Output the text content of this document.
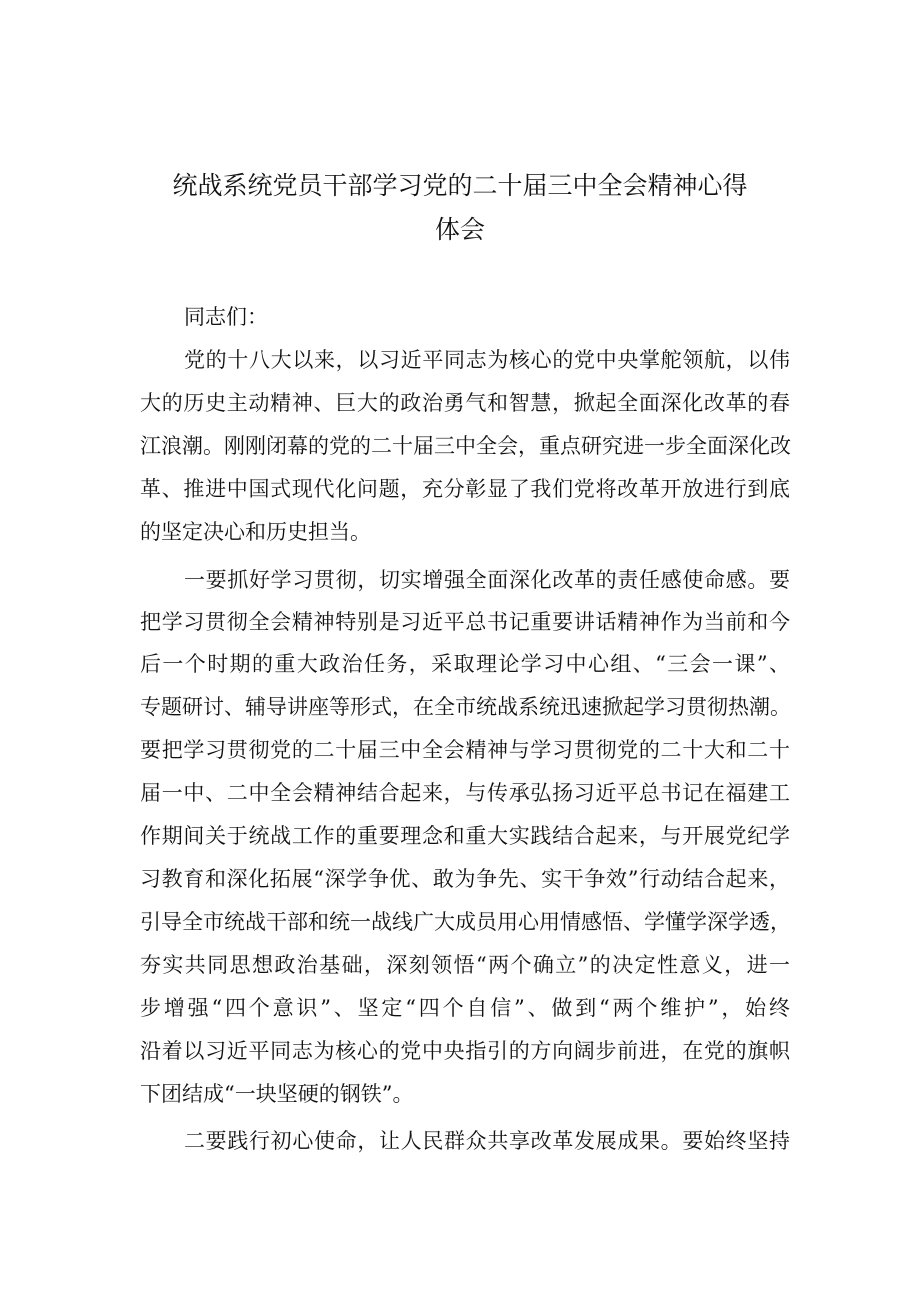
统战系统党员干部学习党的二十届三中全会精神心得
体会
同志们：
党的十八大以来，以习近平同志为核心的党中央掌舵领航，以伟
大的历史主动精神、巨大的政治勇气和智慧，掀起全面深化改革的春
江浪潮。刚刚闭幕的党的二十届三中全会，重点研究进一步全面深化改
革、推进中国式现代化问题，充分彰显了我们党将改革开放进行到底
的坚定决心和历史担当。
一要抓好学习贯彻，切实增强全面深化改革的责任感使命感。要
把学习贯彻全会精神特别是习近平总书记重要讲话精神作为当前和今
后一个时期的重大政治任务，采取理论学习中心组、“三会一课”、
专题研讨、辅导讲座等形式，在全市统战系统迅速掀起学习贯彻热潮。
要把学习贯彻党的二十届三中全会精神与学习贯彻党的二十大和二十
届一中、二中全会精神结合起来，与传承弘扬习近平总书记在福建工
作期间关于统战工作的重要理念和重大实践结合起来，与开展党纪学
习教育和深化拓展“深学争优、敢为争先、实干争效”行动结合起来，
引导全市统战干部和统一战线广大成员用心用情感悟、学懂学深学透，
夯实共同思想政治基础，深刻领悟“两个确立”的决定性意义，进一
步增强“四个意识”、坚定“四个自信”、做到“两个维护”，始终
沿着以习近平同志为核心的党中央指引的方向阔步前进，在党的旗帜
下团结成“一块坚硬的钢铁”。
二要践行初心使命，让人民群众共享改革发展成果。要始终坚持
